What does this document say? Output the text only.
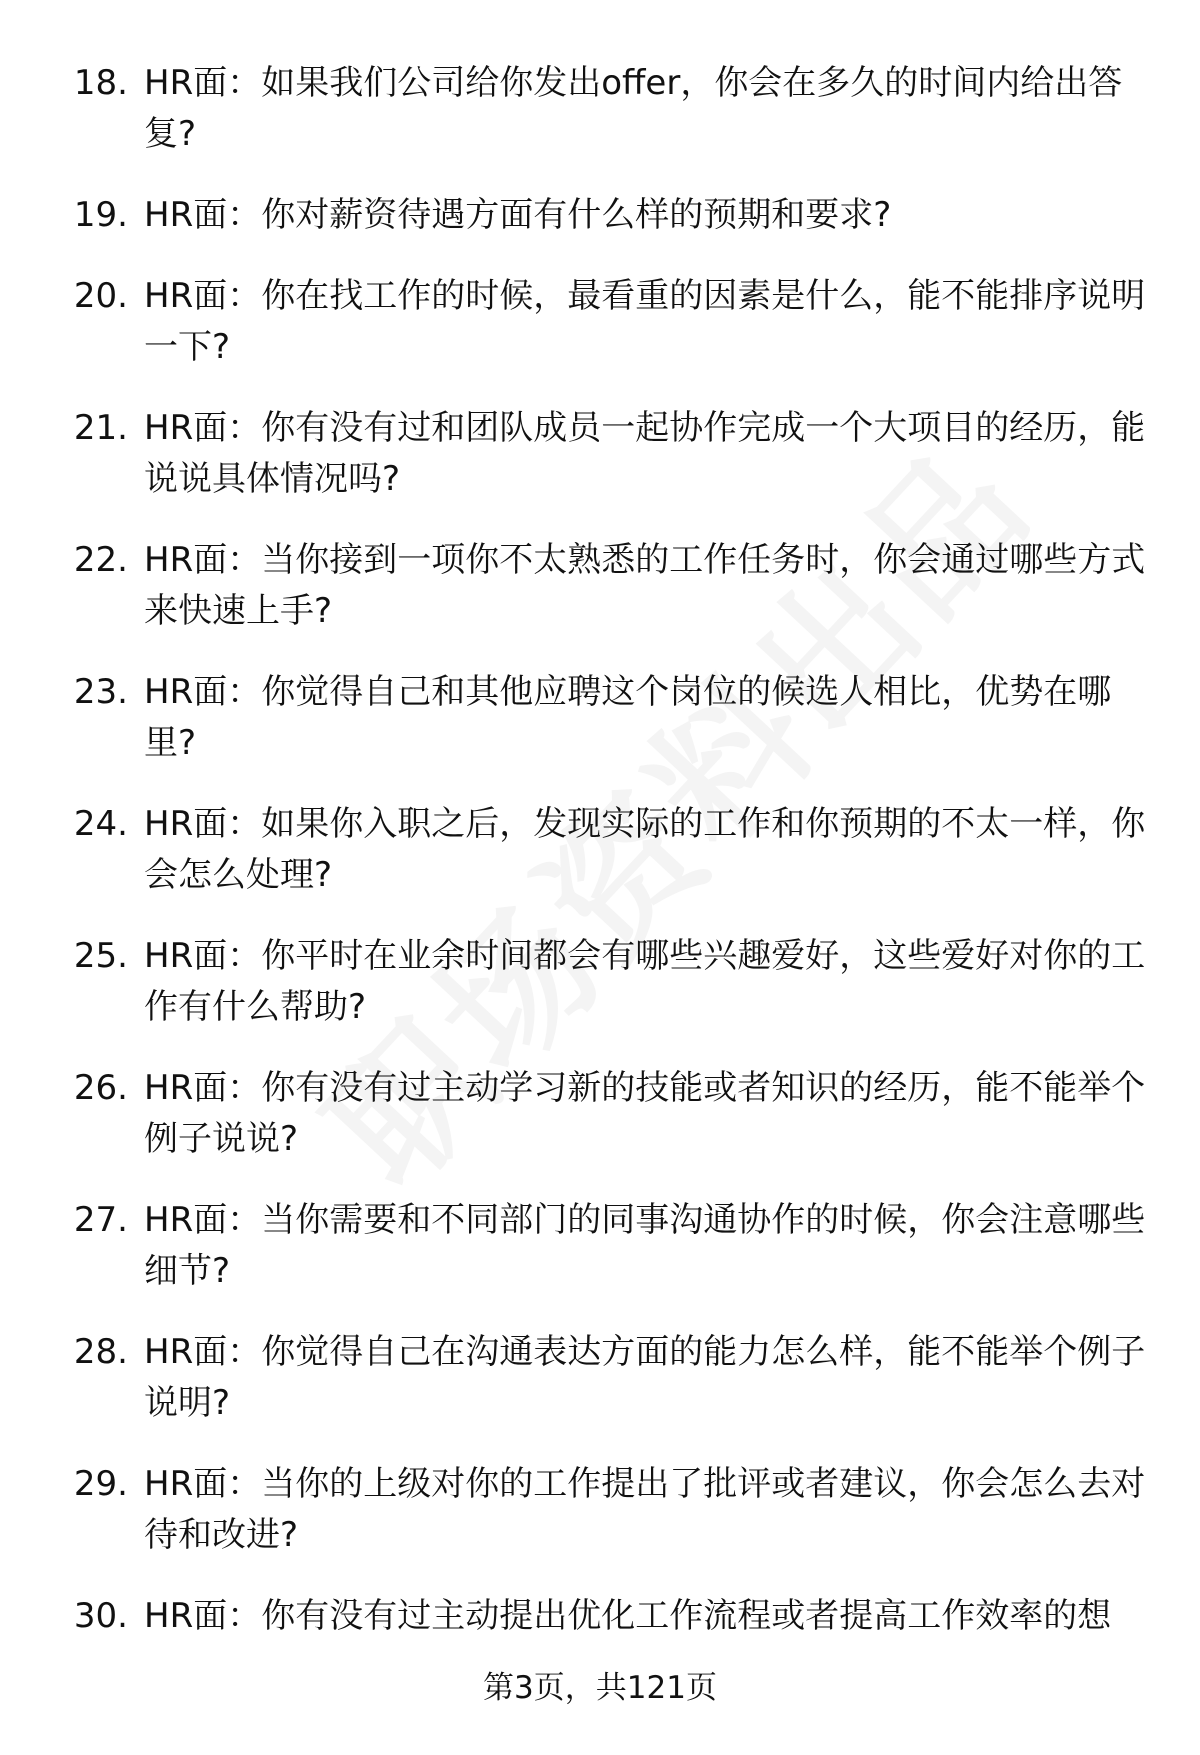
18. HR面：如果我们公司给你发出offer，你会在多久的时间内给出答复?
19. HR面：你对薪资待遇方面有什么样的预期和要求?
20. HR面：你在找工作的时候，最看重的因素是什么，能不能排序说明一下?
21. HR面：你有没有过和团队成员一起协作完成一个大项目的经历，能说说具体情况吗?
22. HR面：当你接到一项你不太熟悉的工作任务时，你会通过哪些方式来快速上手?
23. HR面：你觉得自己和其他应聘这个岗位的候选人相比，优势在哪里?
24. HR面：如果你入职之后，发现实际的工作和你预期的不太一样，你会怎么处理?
25. HR面：你平时在业余时间都会有哪些兴趣爱好，这些爱好对你的工作有什么帮助?
26. HR面：你有没有过主动学习新的技能或者知识的经历，能不能举个例子说说?
27. HR面：当你需要和不同部门的同事沟通协作的时候，你会注意哪些细节?
28. HR面：你觉得自己在沟通表达方面的能力怎么样，能不能举个例子说明?
29. HR面：当你的上级对你的工作提出了批评或者建议，你会怎么去对待和改进?
30. HR面：你有没有过主动提出优化工作流程或者提高工作效率的想
第3页，共121页
